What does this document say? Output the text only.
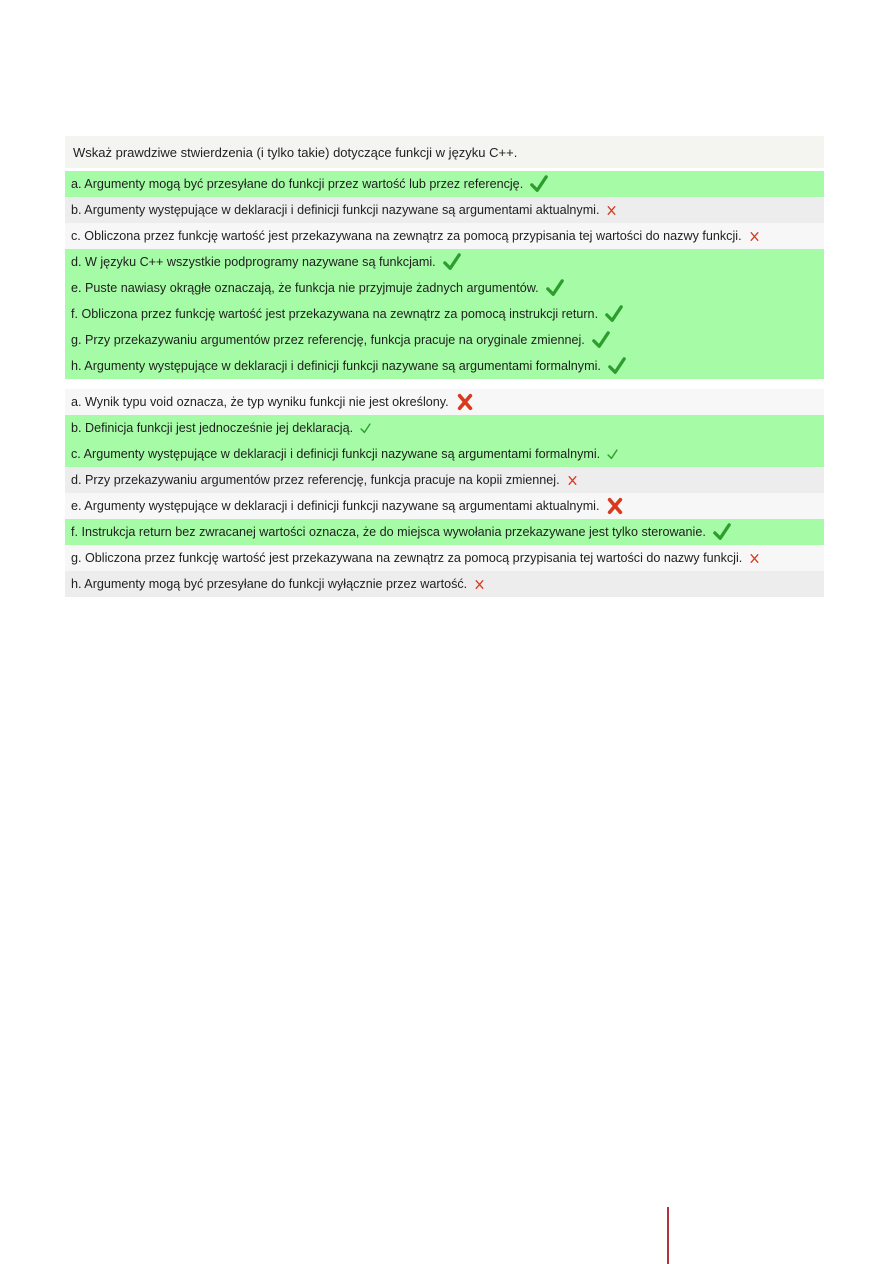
Wskaż prawdziwe stwierdzenia (i tylko takie) dotyczące funkcji w języku C++.
a. Argumenty mogą być przesyłane do funkcji przez wartość lub przez referencję.
b. Argumenty występujące w deklaracji i definicji funkcji nazywane są argumentami aktualnymi.
c. Obliczona przez funkcję wartość jest przekazywana na zewnątrz za pomocą przypisania tej wartości do nazwy funkcji.
d. W języku C++ wszystkie podprogramy nazywane są funkcjami.
e. Puste nawiasy okrągłe oznaczają, że funkcja nie przyjmuje żadnych argumentów.
f. Obliczona przez funkcję wartość jest przekazywana na zewnątrz za pomocą instrukcji return.
g. Przy przekazywaniu argumentów przez referencję, funkcja pracuje na oryginale zmiennej.
h. Argumenty występujące w deklaracji i definicji funkcji nazywane są argumentami formalnymi.
a. Wynik typu void oznacza, że typ wyniku funkcji nie jest określony.
b. Definicja funkcji jest jednocześnie jej deklaracją.
c. Argumenty występujące w deklaracji i definicji funkcji nazywane są argumentami formalnymi.
d. Przy przekazywaniu argumentów przez referencję, funkcja pracuje na kopii zmiennej.
e. Argumenty występujące w deklaracji i definicji funkcji nazywane są argumentami aktualnymi.
f. Instrukcja return bez zwracanej wartości oznacza, że do miejsca wywołania przekazywane jest tylko sterowanie.
g. Obliczona przez funkcję wartość jest przekazywana na zewnątrz za pomocą przypisania tej wartości do nazwy funkcji.
h. Argumenty mogą być przesyłane do funkcji wyłącznie przez wartość.
